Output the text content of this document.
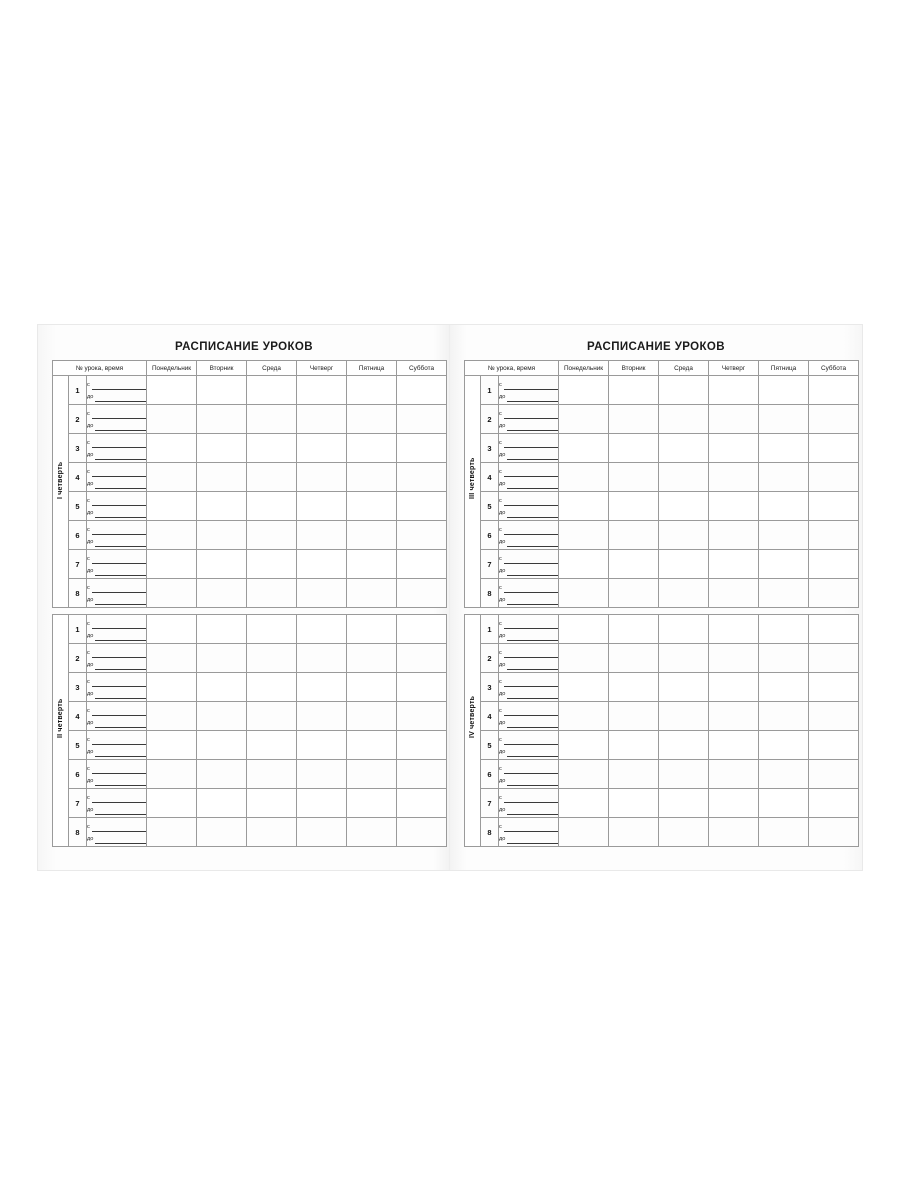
РАСПИСАНИЕ УРОКОВ
№ урока, время			Понедельник	Вторник	Среда	Четверг	Пятница	Суббота

I четверть	1	с
до						

	2	с
до						

	3	с
до						

	4	с
до						

	5	с
до						

	6	с
до						

	7	с
до						

	8	с
до						

II четверть	1	с
до						

	2	с
до						

	3	с
до						

	4	с
до						

	5	с
до						

	6	с
до						

	7	с
до						

	8	с
до						

РАСПИСАНИЕ УРОКОВ
№ урока, время			Понедельник	Вторник	Среда	Четверг	Пятница	Суббота

III четверть	1	с
до						

	2	с
до						

	3	с
до						

	4	с
до						

	5	с
до						

	6	с
до						

	7	с
до						

	8	с
до						

IV четверть	1	с
до						

	2	с
до						

	3	с
до						

	4	с
до						

	5	с
до						

	6	с
до						

	7	с
до						

	8	с
до						
